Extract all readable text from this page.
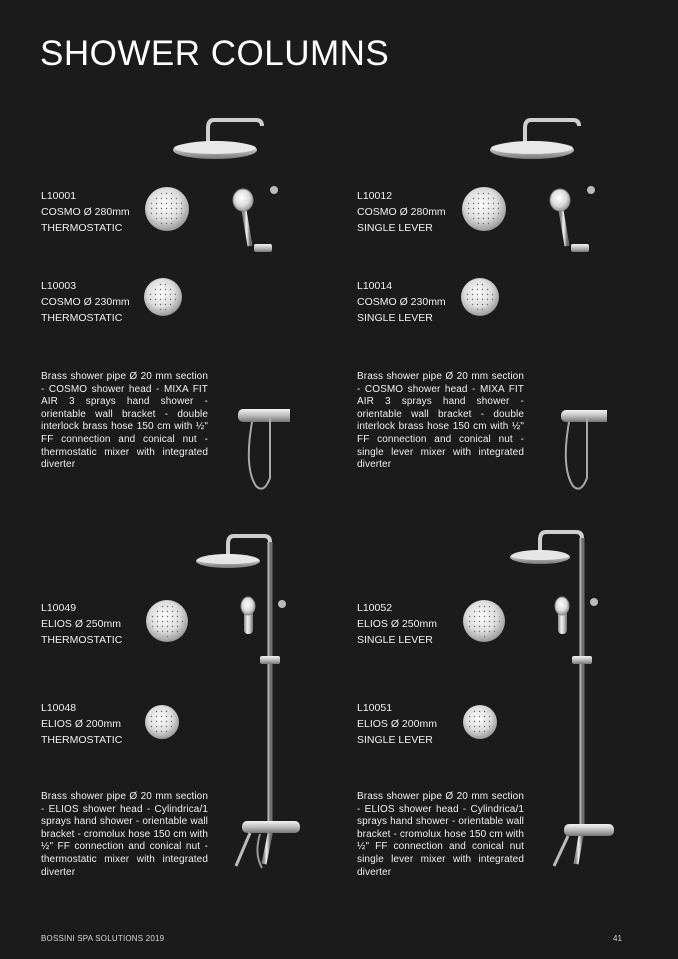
SHOWER COLUMNS
L10001
COSMO Ø 280mm
THERMOSTATIC
L10003
COSMO Ø 230mm
THERMOSTATIC
Brass shower pipe Ø 20 mm section - COSMO shower head - MIXA FIT AIR 3 sprays hand shower - orientable wall bracket - double interlock brass hose 150 cm with ½" FF connection and conical nut - thermostatic mixer with integrated diverter
L10012
COSMO Ø 280mm
SINGLE LEVER
L10014
COSMO Ø 230mm
SINGLE LEVER
Brass shower pipe Ø 20 mm section - COSMO shower head - MIXA FIT AIR 3 sprays hand shower - orientable wall bracket - double interlock brass hose 150 cm with ½" FF connection and conical nut - single lever mixer with integrated diverter
L10049
ELIOS Ø 250mm
THERMOSTATIC
L10048
ELIOS Ø 200mm
THERMOSTATIC
Brass shower pipe Ø 20 mm section - ELIOS shower head - Cylindrica/1 sprays hand shower - orientable wall bracket - cromolux hose 150 cm with ½" FF connection and conical nut - thermostatic mixer with integrated diverter
L10052
ELIOS Ø 250mm
SINGLE LEVER
L10051
ELIOS Ø 200mm
SINGLE LEVER
Brass shower pipe Ø 20 mm section - ELIOS shower head - Cylindrica/1 sprays hand shower - orientable wall bracket - cromolux hose 150 cm with ½" FF connection and conical nut single lever mixer with integrated diverter
BOSSINI SPA SOLUTIONS 2019	41
